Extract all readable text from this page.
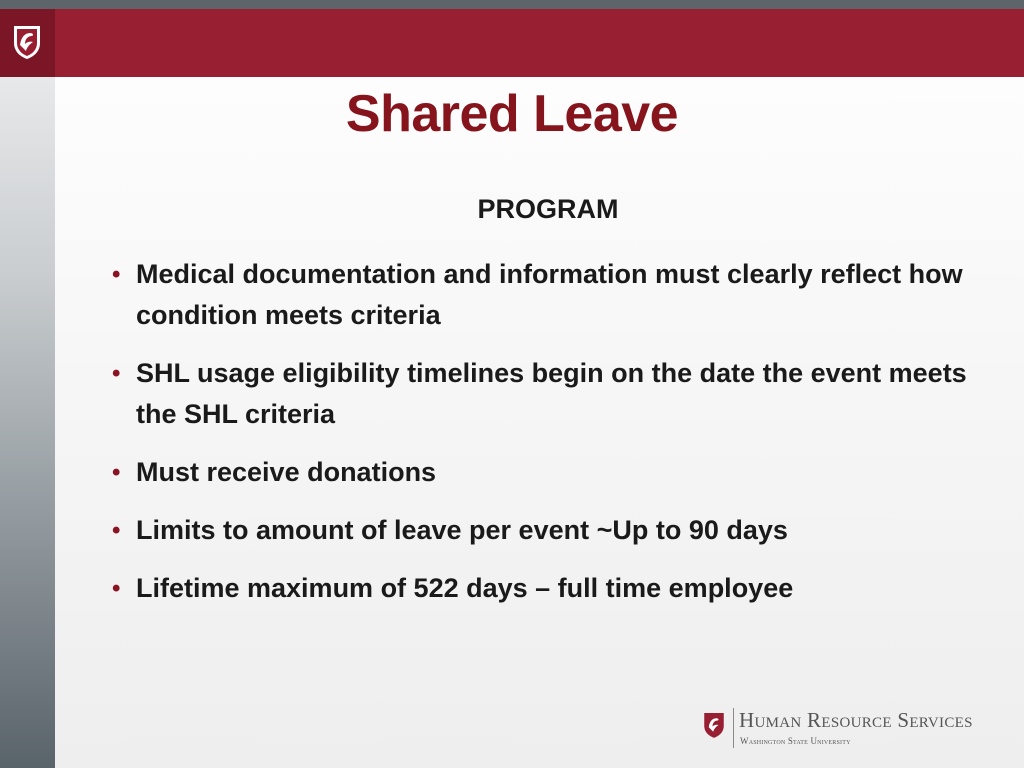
Shared Leave
PROGRAM
• Medical documentation and information must clearly reflect how condition meets criteria
• SHL usage eligibility timelines begin on the date the event meets the SHL criteria
• Must receive donations
• Limits to amount of leave per event ~Up to 90 days
• Lifetime maximum of 522 days – full time employee
Human Resource Services
Washington State University
